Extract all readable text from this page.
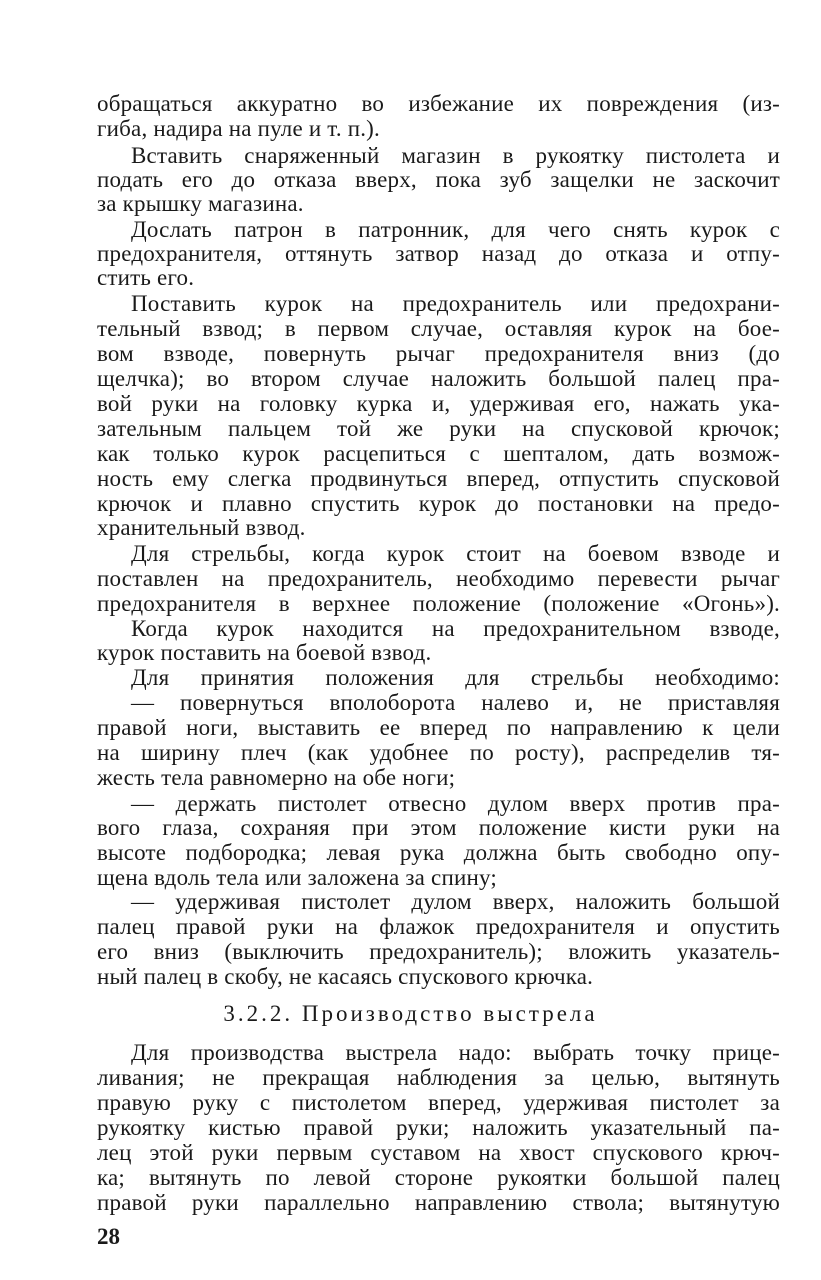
обращаться аккуратно во избежание их повреждения (из-
гиба, надира на пуле и т. п.).
Вставить снаряженный магазин в рукоятку пистолета и
подать его до отказа вверх, пока зуб защелки не заскочит
за крышку магазина.
Дослать патрон в патронник, для чего снять курок с
предохранителя, оттянуть затвор назад до отказа и отпу-
стить его.
Поставить курок на предохранитель или предохрани-
тельный взвод; в первом случае, оставляя курок на бое-
вом взводе, повернуть рычаг предохранителя вниз (до
щелчка); во втором случае наложить большой палец пра-
вой руки на головку курка и, удерживая его, нажать ука-
зательным пальцем той же руки на спусковой крючок;
как только курок расцепиться с шепталом, дать возмож-
ность ему слегка продвинуться вперед, отпустить спусковой
крючок и плавно спустить курок до постановки на предо-
хранительный взвод.
Для стрельбы, когда курок стоит на боевом взводе и
поставлен на предохранитель, необходимо перевести рычаг
предохранителя в верхнее положение (положение «Огонь»).
Когда курок находится на предохранительном взводе,
курок поставить на боевой взвод.
Для принятия положения для стрельбы необходимо:
— повернуться вполоборота налево и, не приставляя
правой ноги, выставить ее вперед по направлению к цели
на ширину плеч (как удобнее по росту), распределив тя-
жесть тела равномерно на обе ноги;
— держать пистолет отвесно дулом вверх против пра-
вого глаза, сохраняя при этом положение кисти руки на
высоте подбородка; левая рука должна быть свободно опу-
щена вдоль тела или заложена за спину;
— удерживая пистолет дулом вверх, наложить большой
палец правой руки на флажок предохранителя и опустить
его вниз (выключить предохранитель); вложить указатель-
ный палец в скобу, не касаясь спускового крючка.
3.2.2. Производство выстрела
Для производства выстрела надо: выбрать точку прице-
ливания; не прекращая наблюдения за целью, вытянуть
правую руку с пистолетом вперед, удерживая пистолет за
рукоятку кистью правой руки; наложить указательный па-
лец этой руки первым суставом на хвост спускового крюч-
ка; вытянуть по левой стороне рукоятки большой палец
правой руки параллельно направлению ствола; вытянутую
28
